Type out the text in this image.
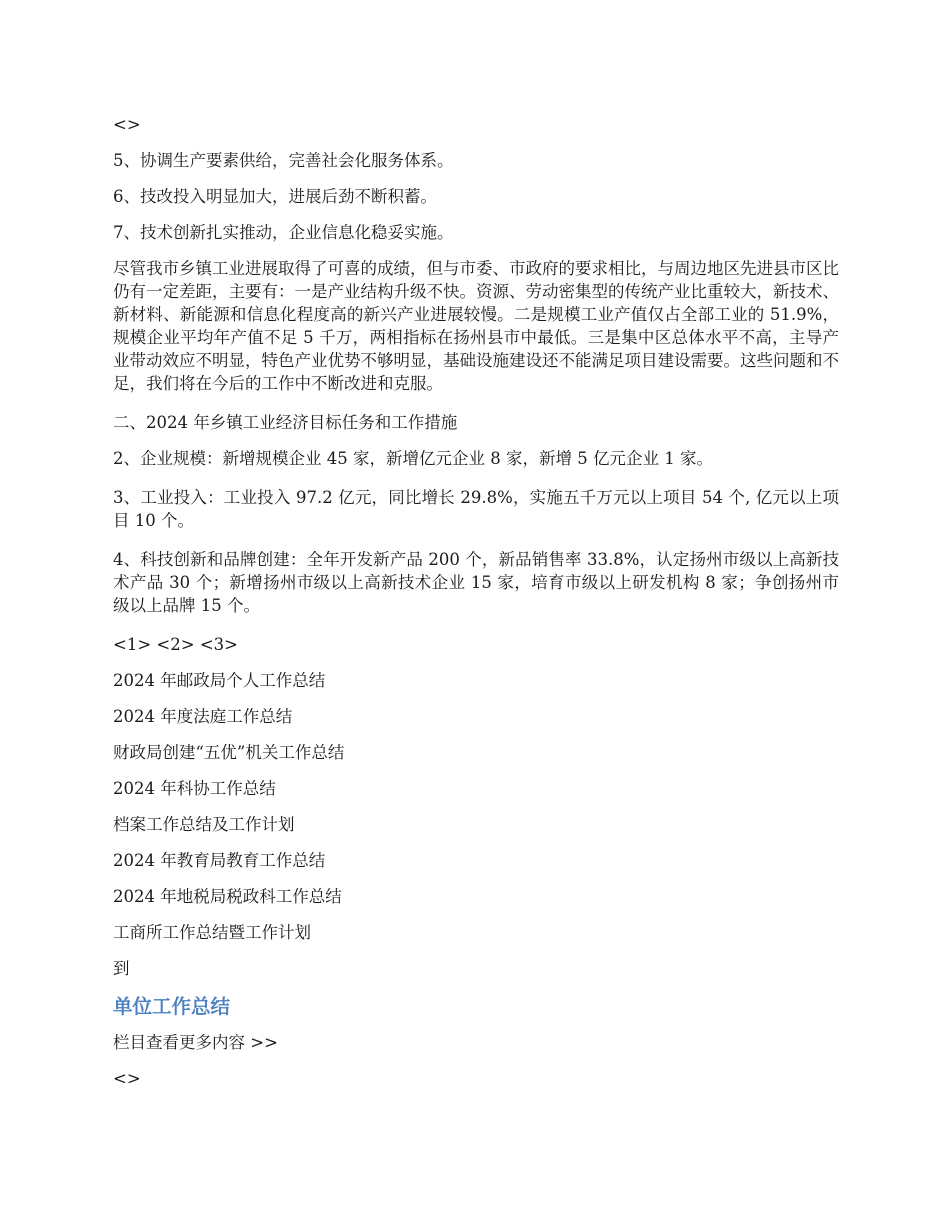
<>

5、协调生产要素供给，完善社会化服务体系。

6、技改投入明显加大，进展后劲不断积蓄。

7、技术创新扎实推动，企业信息化稳妥实施。

尽管我市乡镇工业进展取得了可喜的成绩，但与市委、市政府的要求相比，与周边地区先进县市区比仍有一定差距，主要有：一是产业结构升级不快。资源、劳动密集型的传统产业比重较大，新技术、新材料、新能源和信息化程度高的新兴产业进展较慢。二是规模工业产值仅占全部工业的 51.9%，规模企业平均年产值不足 5 千万，两相指标在扬州县市中最低。三是集中区总体水平不高，主导产业带动效应不明显，特色产业优势不够明显，基础设施建设还不能满足项目建设需要。这些问题和不足，我们将在今后的工作中不断改进和克服。

二、2024 年乡镇工业经济目标任务和工作措施

2、企业规模：新增规模企业 45 家，新增亿元企业 8 家，新增 5 亿元企业 1 家。

3、工业投入：工业投入 97.2 亿元，同比增长 29.8%，实施五千万元以上项目 54 个, 亿元以上项目 10 个。

4、科技创新和品牌创建：全年开发新产品 200 个，新品销售率 33.8%，认定扬州市级以上高新技术产品 30 个；新增扬州市级以上高新技术企业 15 家，培育市级以上研发机构 8 家；争创扬州市级以上品牌 15 个。

<1> <2> <3>

2024 年邮政局个人工作总结
2024 年度法庭工作总结
财政局创建“五优”机关工作总结
2024 年科协工作总结
档案工作总结及工作计划
2024 年教育局教育工作总结
2024 年地税局税政科工作总结
工商所工作总结暨工作计划

到

单位工作总结

栏目查看更多内容 >>

<>
